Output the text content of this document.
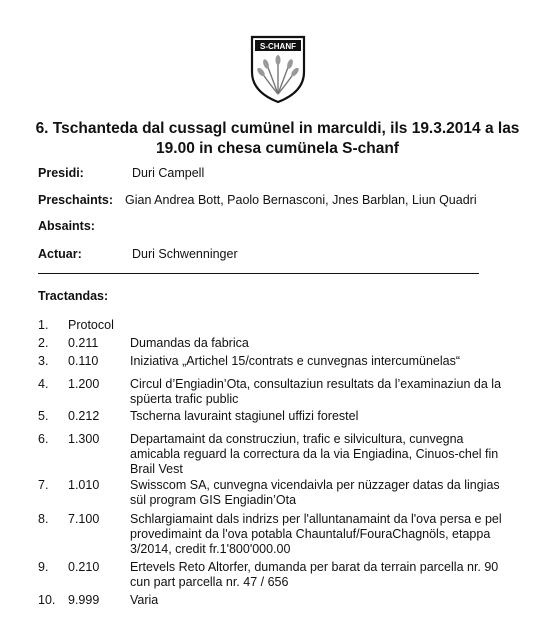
S-CHANF
6. Tschanteda dal cussagl cumünel in marculdi, ils 19.3.2014 a las 19.00 in chesa cumünela S-chanf
Presidi:	Duri Campell
Preschaints: Gian Andrea Bott, Paolo Bernasconi, Jnes Barblan, Liun Quadri
Absaints:
Actuar:	Duri Schwenninger
Tractandas:
1. Protocol
2. 0.211	Dumandas da fabrica
3. 0.110	Iniziativa „Artichel 15/contrats e cunvegnas intercumünelas“
4. 1.200 Circul d’Engiadin’Ota, consultaziun resultats da l’examinaziun da la spüerta trafic public
5. 0.212 Tscherna lavuraint stagiunel uffizi forestel
6. 1.300 Departamaint da construcziun, trafic e silvicultura, cunvegna amicabla reguard la correctura da la via Engiadina, Cinuos-chel fin Brail Vest
7. 1.010 Swisscom SA, cunvegna vicendaivla per nüzzager datas da lingias sül program GIS Engiadin’Ota
8. 7.100 Schlargiamaint dals indrizs per l'alluntanamaint da l'ova persa e pel provedimaint da l'ova potabla Chauntaluf/FouraChagnöls, etappa 3/2014, credit fr.1'800'000.00
9. 0.210 Ertevels Reto Altorfer, dumanda per barat da terrain parcella nr. 90 cun part parcella nr. 47 / 656
10. 9.999 Varia
